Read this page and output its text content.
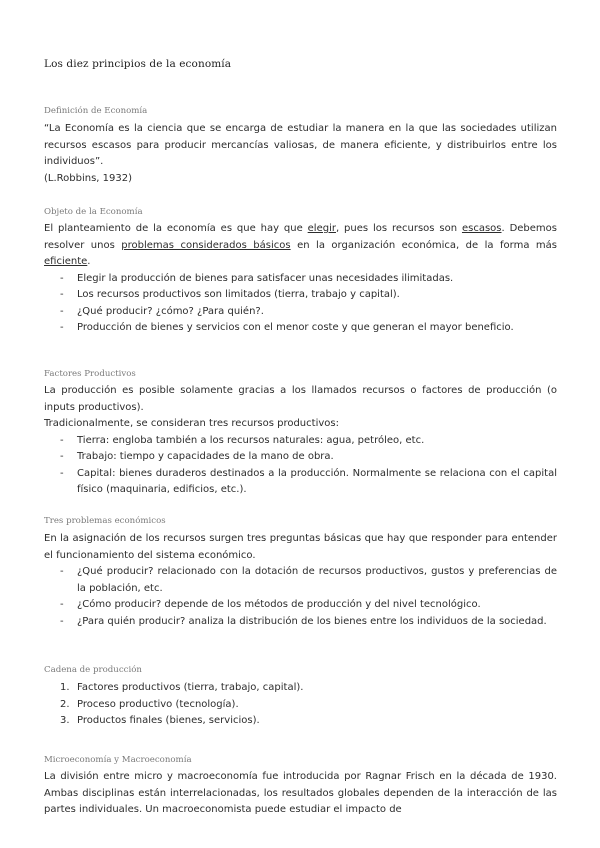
Los diez principios de la economía
Definición de Economía

“La Economía es la ciencia que se encarga de estudiar la manera en la que las sociedades utilizan recursos escasos para producir mercancías valiosas, de manera eficiente, y distribuirlos entre los individuos”.

(L.Robbins, 1932)

Objeto de la Economía

El planteamiento de la economía es que hay que elegir, pues los recursos son escasos. Debemos resolver unos problemas considerados básicos en la organización económica, de la forma más eficiente.

- Elegir la producción de bienes para satisfacer unas necesidades ilimitadas.
- Los recursos productivos son limitados (tierra, trabajo y capital).
- ¿Qué producir? ¿cómo? ¿Para quién?.
- Producción de bienes y servicios con el menor coste y que generan el mayor beneficio.
Factores Productivos

La producción es posible solamente gracias a los llamados recursos o factores de producción (o inputs productivos).

Tradicionalmente, se consideran tres recursos productivos:

- Tierra: engloba también a los recursos naturales: agua, petróleo, etc.
- Trabajo: tiempo y capacidades de la mano de obra.
- Capital: bienes duraderos destinados a la producción. Normalmente se relaciona con el capital físico (maquinaria, edificios, etc.).
Tres problemas económicos

En la asignación de los recursos surgen tres preguntas básicas que hay que responder para entender el funcionamiento del sistema económico.

- ¿Qué producir? relacionado con la dotación de recursos productivos, gustos y preferencias de la población, etc.
- ¿Cómo producir? depende de los métodos de producción y del nivel tecnológico.
- ¿Para quién producir? analiza la distribución de los bienes entre los individuos de la sociedad.
Cadena de producción
1. Factores productivos (tierra, trabajo, capital).
2. Proceso productivo (tecnología).
3. Productos finales (bienes, servicios).
Microeconomía y Macroeconomía

La división entre micro y macroeconomía fue introducida por Ragnar Frisch en la década de 1930. Ambas disciplinas están interrelacionadas, los resultados globales dependen de la interacción de las partes individuales. Un macroeconomista puede estudiar el impacto de
